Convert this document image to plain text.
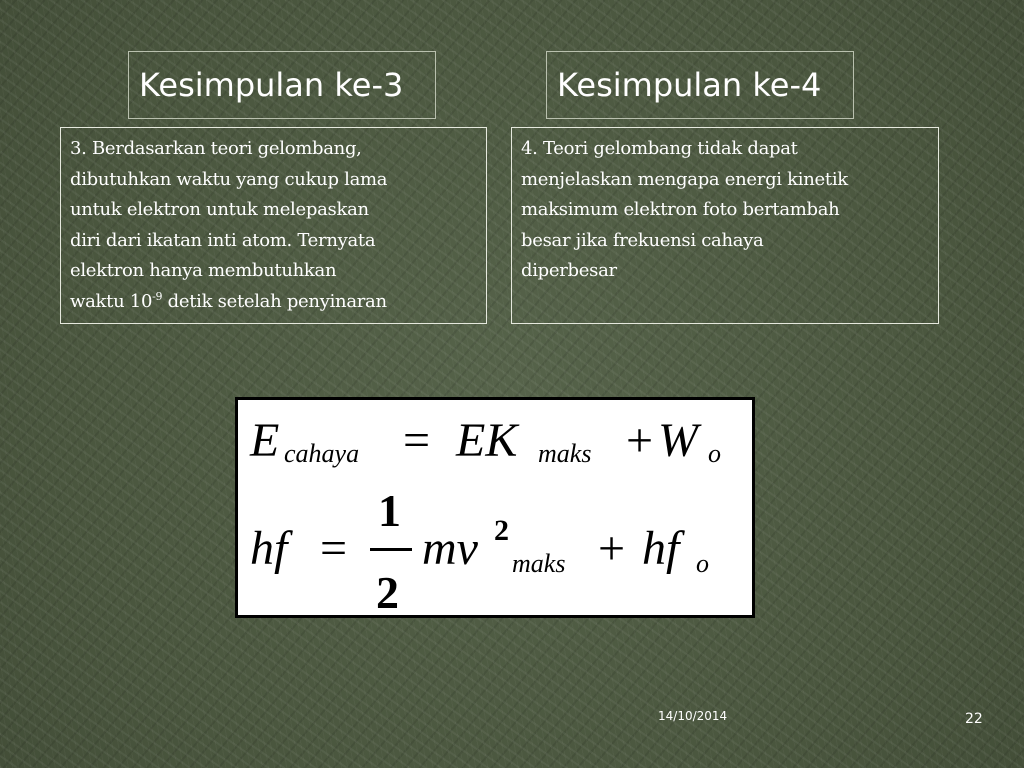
Kesimpulan ke-3	Kesimpulan ke-4
3. Berdasarkan teori gelombang,
dibutuhkan waktu yang cukup lama
untuk elektron untuk melepaskan
diri dari ikatan inti atom. Ternyata
elektron hanya membutuhkan
waktu $10^{-9}$ detik setelah penyinaran
4. Teori gelombang tidak dapat
menjelaskan mengapa energi kinetik
maksimum elektron foto bertambah
besar jika frekuensi cahaya
diperbesar
E cahaya = EK maks + W o
hf =
1
2
mv 2
maks + hf o
14/10/2014	22
